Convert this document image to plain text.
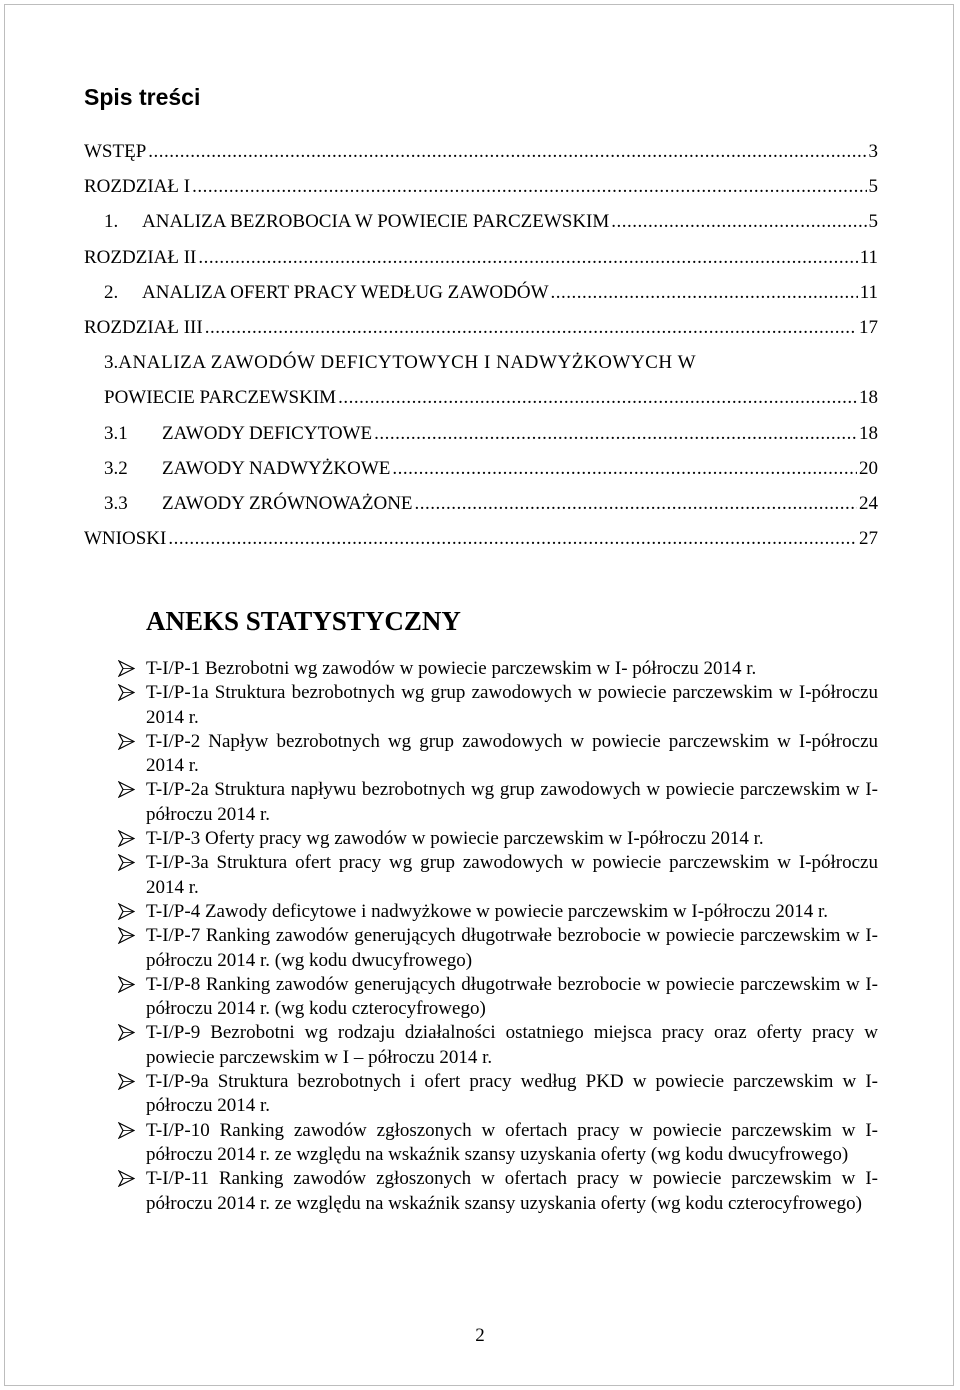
Spis treści
WSTĘP .....	3
ROZDZIAŁ I .....	5
1.	ANALIZA BEZROBOCIA W POWIECIE PARCZEWSKIM .....	5
ROZDZIAŁ II .....	11
2.	ANALIZA OFERT PRACY WEDŁUG ZAWODÓW .....	11
ROZDZIAŁ III .....	17
3.ANALIZA ZAWODÓW DEFICYTOWYCH I NADWYŻKOWYCH W
POWIECIE PARCZEWSKIM .....	18
3.1	ZAWODY DEFICYTOWE .....	18
3.2	ZAWODY NADWYŻKOWE .....	20
3.3	ZAWODY ZRÓWNOWAŻONE .....	24
WNIOSKI .....	27
ANEKS STATYSTYCZNY
T-I/P-1 Bezrobotni wg zawodów w powiecie parczewskim w I- półroczu 2014 r.
T-I/P-1a Struktura bezrobotnych wg grup zawodowych w powiecie parczewskim w I-półroczu 2014 r.
T-I/P-2 Napływ bezrobotnych wg grup zawodowych w powiecie parczewskim w I-półroczu 2014 r.
T-I/P-2a Struktura napływu bezrobotnych wg grup zawodowych w powiecie parczewskim w I-półroczu 2014 r.
T-I/P-3 Oferty pracy wg zawodów w powiecie parczewskim w I-półroczu 2014 r.
T-I/P-3a Struktura ofert pracy wg grup zawodowych w powiecie parczewskim w I-półroczu 2014 r.
T-I/P-4 Zawody deficytowe i nadwyżkowe w powiecie parczewskim w I-półroczu 2014 r.
T-I/P-7 Ranking zawodów generujących długotrwałe bezrobocie w powiecie parczewskim w I-półroczu 2014 r. (wg kodu dwucyfrowego)
T-I/P-8 Ranking zawodów generujących długotrwałe bezrobocie w powiecie parczewskim w I-półroczu 2014 r. (wg kodu czterocyfrowego)
T-I/P-9 Bezrobotni wg rodzaju działalności ostatniego miejsca pracy oraz oferty pracy w powiecie parczewskim w I – półroczu 2014 r.
T-I/P-9a Struktura bezrobotnych i ofert pracy według PKD w powiecie parczewskim w I-półroczu 2014 r.
T-I/P-10 Ranking zawodów zgłoszonych w ofertach pracy w powiecie parczewskim w I-półroczu 2014 r. ze względu na wskaźnik szansy uzyskania oferty (wg kodu dwucyfrowego)
T-I/P-11 Ranking zawodów zgłoszonych w ofertach pracy w powiecie parczewskim w I-półroczu 2014 r. ze względu na wskaźnik szansy uzyskania oferty (wg kodu czterocyfrowego)
2
